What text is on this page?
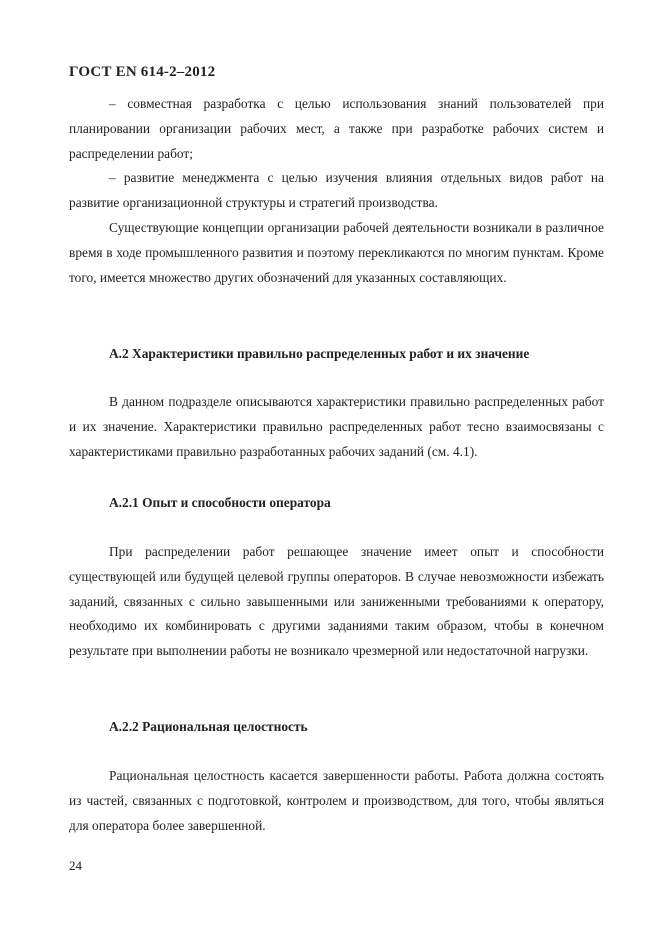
ГОСТ EN 614-2–2012

– совместная разработка с целью использования знаний пользователей при планировании организации рабочих мест, а также при разработке рабочих систем и распределении работ;

– развитие менеджмента с целью изучения влияния отдельных видов работ на развитие организационной структуры и стратегий производства.

Существующие концепции организации рабочей деятельности возникали в различное время в ходе промышленного развития и поэтому перекликаются по многим пунктам. Кроме того, имеется множество других обозначений для указанных составляющих.

А.2 Характеристики правильно распределенных работ и их значение

В данном подразделе описываются характеристики правильно распределенных работ и их значение. Характеристики правильно распределенных работ тесно взаимосвязаны с характеристиками правильно разработанных рабочих заданий (см. 4.1).

А.2.1 Опыт и способности оператора

При распределении работ решающее значение имеет опыт и способности существующей или будущей целевой группы операторов. В случае невозможности избежать заданий, связанных с сильно завышенными или заниженными требованиями к оператору, необходимо их комбинировать с другими заданиями таким образом, чтобы в конечном результате при выполнении работы не возникало чрезмерной или недостаточной нагрузки.

А.2.2 Рациональная целостность

Рациональная целостность касается завершенности работы. Работа должна состоять из частей, связанных с подготовкой, контролем и производством, для того, чтобы являться для оператора более завершенной.

24
